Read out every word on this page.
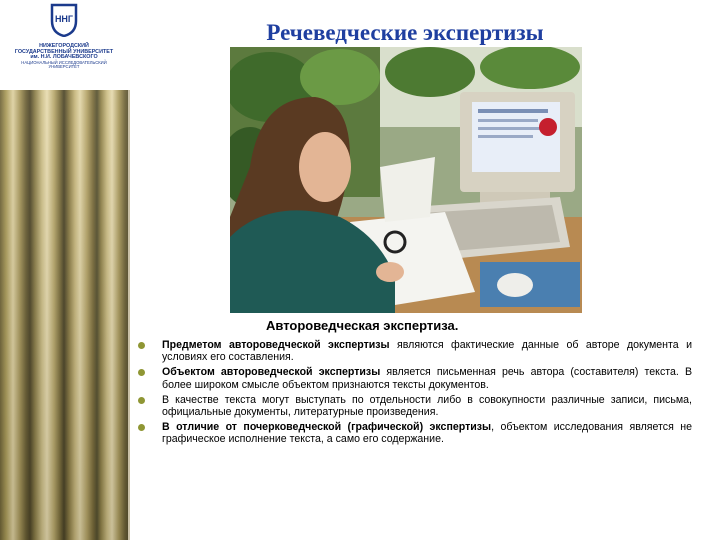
ННГ
НИЖЕГОРОДСКИЙ
ГОСУДАРСТВЕННЫЙ УНИВЕРСИТЕТ
им. Н.И. ЛОБАЧЕВСКОГО
НАЦИОНАЛЬНЫЙ ИССЛЕДОВАТЕЛЬСКИЙ
УНИВЕРСИТЕТ
Речеведческие экспертизы

Автороведческая экспертиза.

Предметом автороведческой экспертизы являются фактические данные об авторе документа и условиях его составления.
Объектом автороведческой экспертизы является письменная речь автора (составителя) текста. В более широком смысле объектом признаются тексты документов.
В качестве текста могут выступать по отдельности либо в совокупности различные записи, письма, официальные документы, литературные произведения.
В отличие от почерковедческой (графической) экспертизы, объектом исследования является не графическое исполнение текста, а само его содержание.
